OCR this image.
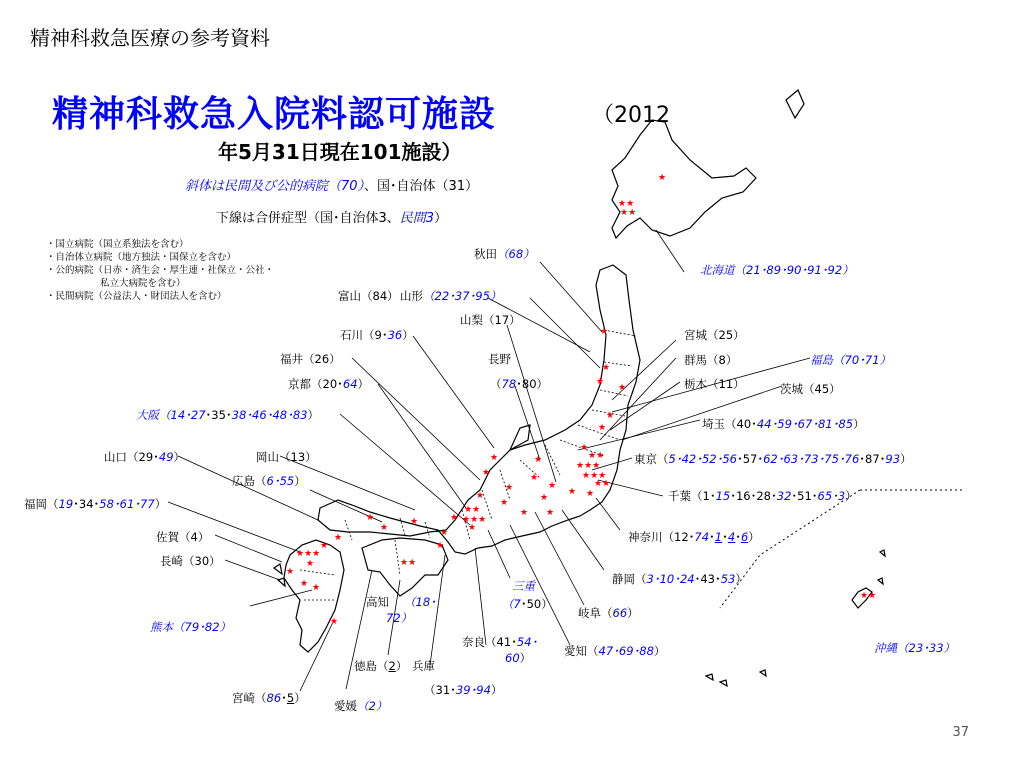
精神科救急医療の参考資料
精神科救急入院料認可施設	（2012
年5月31日現在101施設）
斜体は民間及び公的病院（70）、国･自治体（31）
下線は合併症型（国･自治体3、民間3）
・国立病院（国立系独法を含む）
・自治体立病院（地方独法・国保立を含む）
・公的病院（日赤・済生会・厚生連・社保立・公社・
私立大病院を含む）
・民間病院（公益法人・財団法人を含む）
★
★★
★★
★
★
★
★
★
★
★
★★
★★★
★★★
★★
★
★
★
★
★
★
★
★
★
★
★
★
★
★★
★★★
★
★
★
★
★
★
★
★
★★★
★
★
★ ★
★
★★
★
★★
北海道（21･89･90･91･92）
秋田（68）
富山（84） 山形（22･37･95）
山梨（17）
石川（9･36）
福井（26）	長野
（78･80）
京都（20･64）
大阪（14･27･35･38･46･48･83）
山口（29･49）	岡山（13）
広島（6･55）
福岡（19･34･58･61･77）
佐賀（4）
長崎（30）
熊本（79･82）
宮崎（86･5）
愛媛（2）
徳島（2） 兵庫
（31･39･94）
高知 （18･
72）
奈良（41･54･
60）
三重
（7･50）
愛知（47･69･88）
岐阜（66）
静岡（3･10･24･43･53）
神奈川（12･74･1･4･6）
千葉（1･15･16･28･32･51･65･3）
東京（5･42･52･56･57･62･63･73･75･76･87･93）
埼玉（40･44･59･67･81･85）
宮城（25）
群馬（8）
栃木（11）
福島（70･71）
茨城（45）
沖縄（23･33）
37
